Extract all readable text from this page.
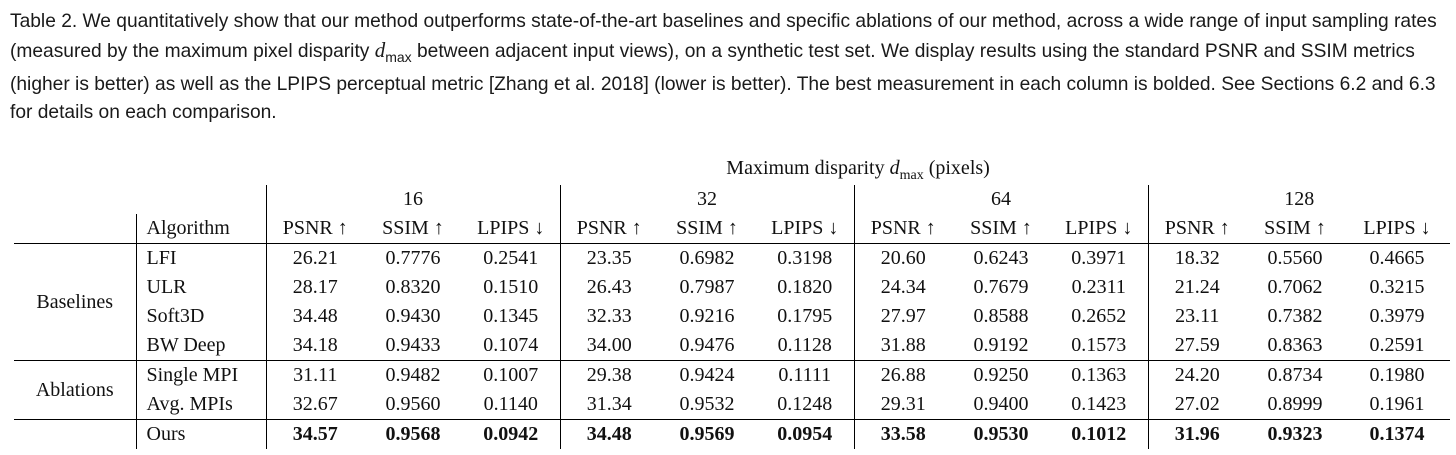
Table 2. We quantitatively show that our method outperforms state-of-the-art baselines and specific ablations of our method, across a wide range of input sampling rates (measured by the maximum pixel disparity $d_{max}$ between adjacent input views), on a synthetic test set. We display results using the standard PSNR and SSIM metrics (higher is better) as well as the LPIPS perceptual metric [Zhang et al. 2018] (lower is better). The best measurement in each column is bolded. See Sections 6.2 and 6.3 for details on each comparison.
		Maximum disparity $d_{max}$ (pixels)											
		16			32			64			128		
	Algorithm	PSNR ↑	SSIM ↑	LPIPS ↓	PSNR ↑	SSIM ↑	LPIPS ↓	PSNR ↑	SSIM ↑	LPIPS ↓	PSNR ↑	SSIM ↑	LPIPS ↓
Baselines	LFI	26.21	0.7776	0.2541	23.35	0.6982	0.3198	20.60	0.6243	0.3971	18.32	0.5560	0.4665
	ULR	28.17	0.8320	0.1510	26.43	0.7987	0.1820	24.34	0.7679	0.2311	21.24	0.7062	0.3215
	Soft3D	34.48	0.9430	0.1345	32.33	0.9216	0.1795	27.97	0.8588	0.2652	23.11	0.7382	0.3979
	BW Deep	34.18	0.9433	0.1074	34.00	0.9476	0.1128	31.88	0.9192	0.1573	27.59	0.8363	0.2591
Ablations	Single MPI	31.11	0.9482	0.1007	29.38	0.9424	0.1111	26.88	0.9250	0.1363	24.20	0.8734	0.1980
	Avg. MPIs	32.67	0.9560	0.1140	31.34	0.9532	0.1248	29.31	0.9400	0.1423	27.02	0.8999	0.1961
	Ours	34.57	0.9568	0.0942	34.48	0.9569	0.0954	33.58	0.9530	0.1012	31.96	0.9323	0.1374
